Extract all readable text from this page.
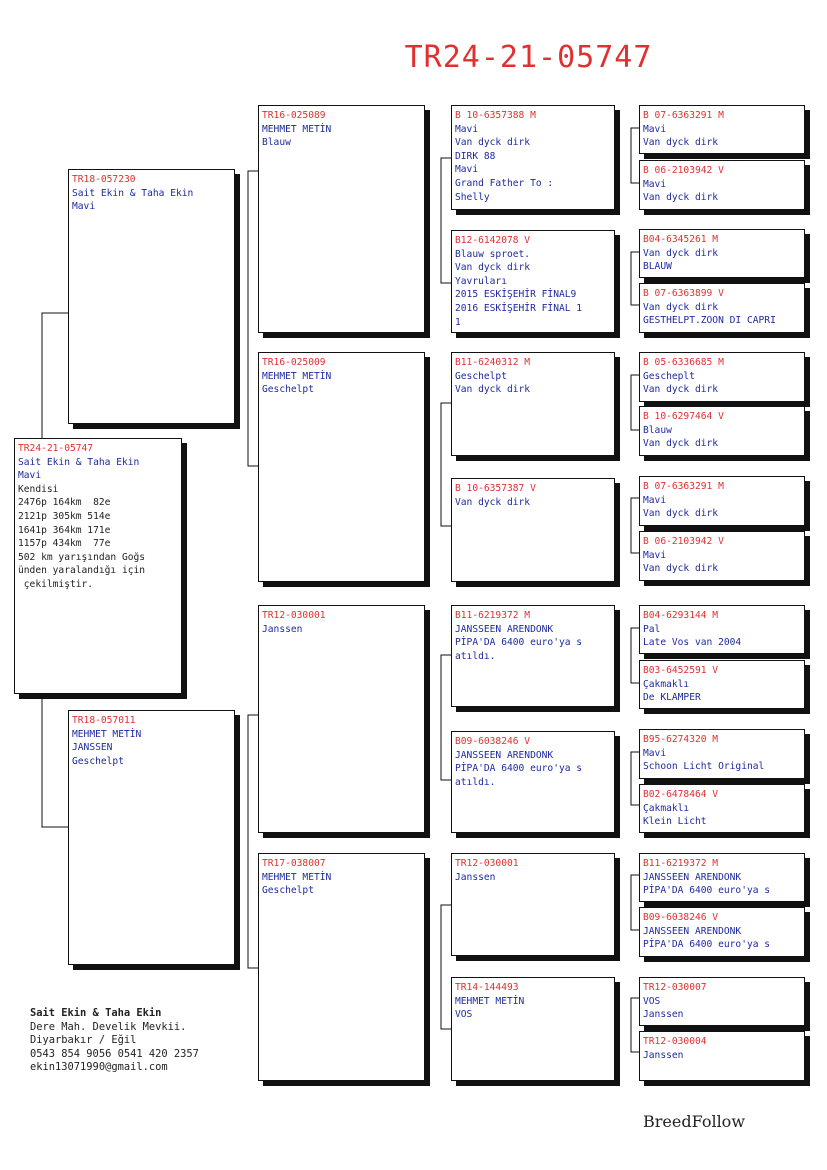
TR24-21-05747
TR24-21-05747
Sait Ekin & Taha Ekin
Mavi
Kendisi
2476p 164km  82e
2121p 305km 514e
1641p 364km 171e
1157p 434km  77e
502 km yarışından Goğs
ünden yaralandığı için
çekilmiştir.
TR18-057230
Sait Ekin & Taha Ekin
Mavi
TR18-057011
MEHMET METİN
JANSSEN
Geschelpt
TR16-025089
MEHMET METİN
Blauw
TR16-025009
MEHMET METİN
Geschelpt
TR12-030001
Janssen
TR17-038007
MEHMET METİN
Geschelpt
B 10-6357388 M
Mavi
Van dyck dirk
DIRK 88
Mavi
Grand Father To :
Shelly
B12-6142078 V
Blauw sproet.
Van dyck dirk
Yavruları
2015 ESKİŞEHİR FİNAL9
2016 ESKİŞEHİR FİNAL 1
1
B11-6240312 M
Geschelpt
Van dyck dirk
B 10-6357387 V
Van dyck dirk
B11-6219372 M
JANSSEEN ARENDONK
PİPA'DA 6400 euro'ya s
atıldı.
B09-6038246 V
JANSSEEN ARENDONK
PİPA'DA 6400 euro'ya s
atıldı.
TR12-030001
Janssen
TR14-144493
MEHMET METİN
VOS
B 07-6363291 M
Mavi
Van dyck dirk
B 06-2103942 V
Mavi
Van dyck dirk
B04-6345261 M
Van dyck dirk
BLAUW
B 07-6363899 V
Van dyck dirk
GESTHELPT.ZOON DI CAPRI
B 05-6336685 M
Gescheplt
Van dyck dirk
B 10-6297464 V
Blauw
Van dyck dirk
B 07-6363291 M
Mavi
Van dyck dirk
B 06-2103942 V
Mavi
Van dyck dirk
B04-6293144 M
Pal
Late Vos van 2004
B03-6452591 V
Çakmaklı
De KLAMPER
B95-6274320 M
Mavi
Schoon Licht Original
B02-6478464 V
Çakmaklı
Klein Licht
B11-6219372 M
JANSSEEN ARENDONK
PİPA'DA 6400 euro'ya s
B09-6038246 V
JANSSEEN ARENDONK
PİPA'DA 6400 euro'ya s
TR12-030007
VOS
Janssen
TR12-030004
Janssen
Sait Ekin & Taha Ekin
Dere Mah. Develik Mevkii.
Diyarbakır / Eğil
0543 854 9056 0541 420 2357
ekin13071990@gmail.com
BreedFollow
